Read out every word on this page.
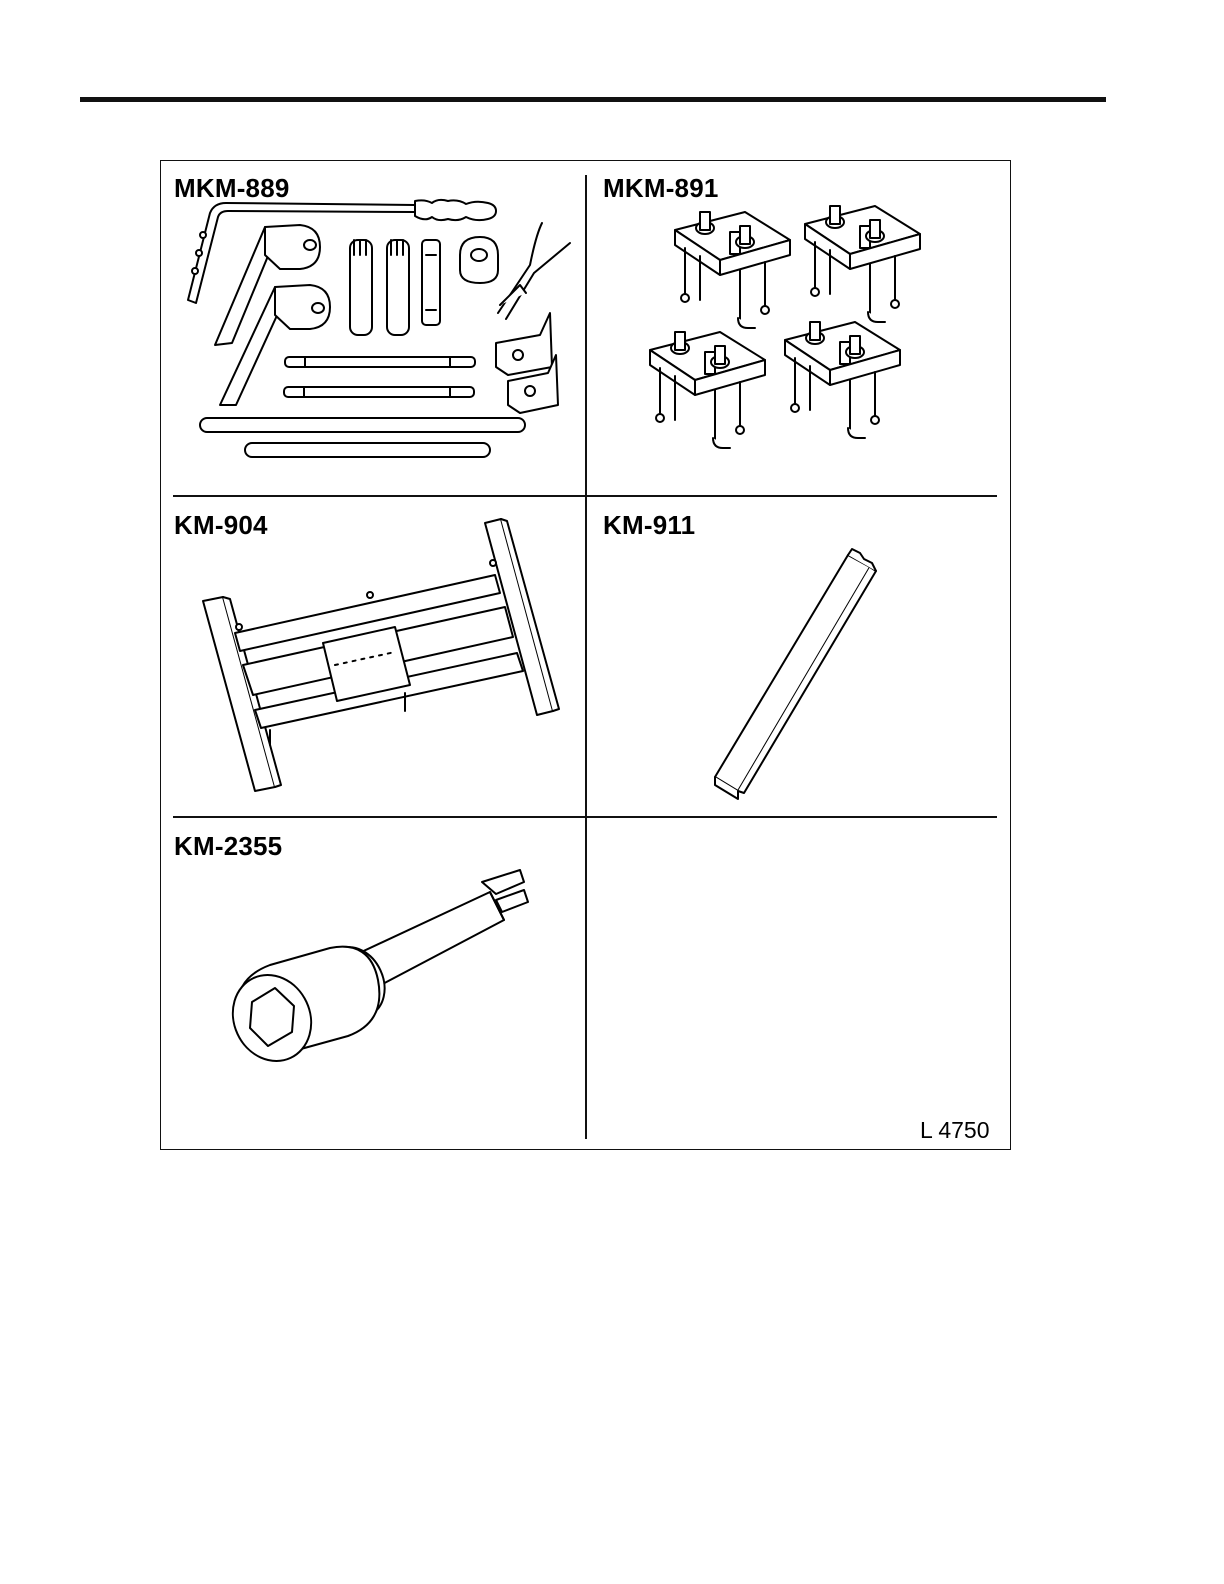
MKM-889	MKM-891
KM-904	KM-911
KM-2355
L 4750
